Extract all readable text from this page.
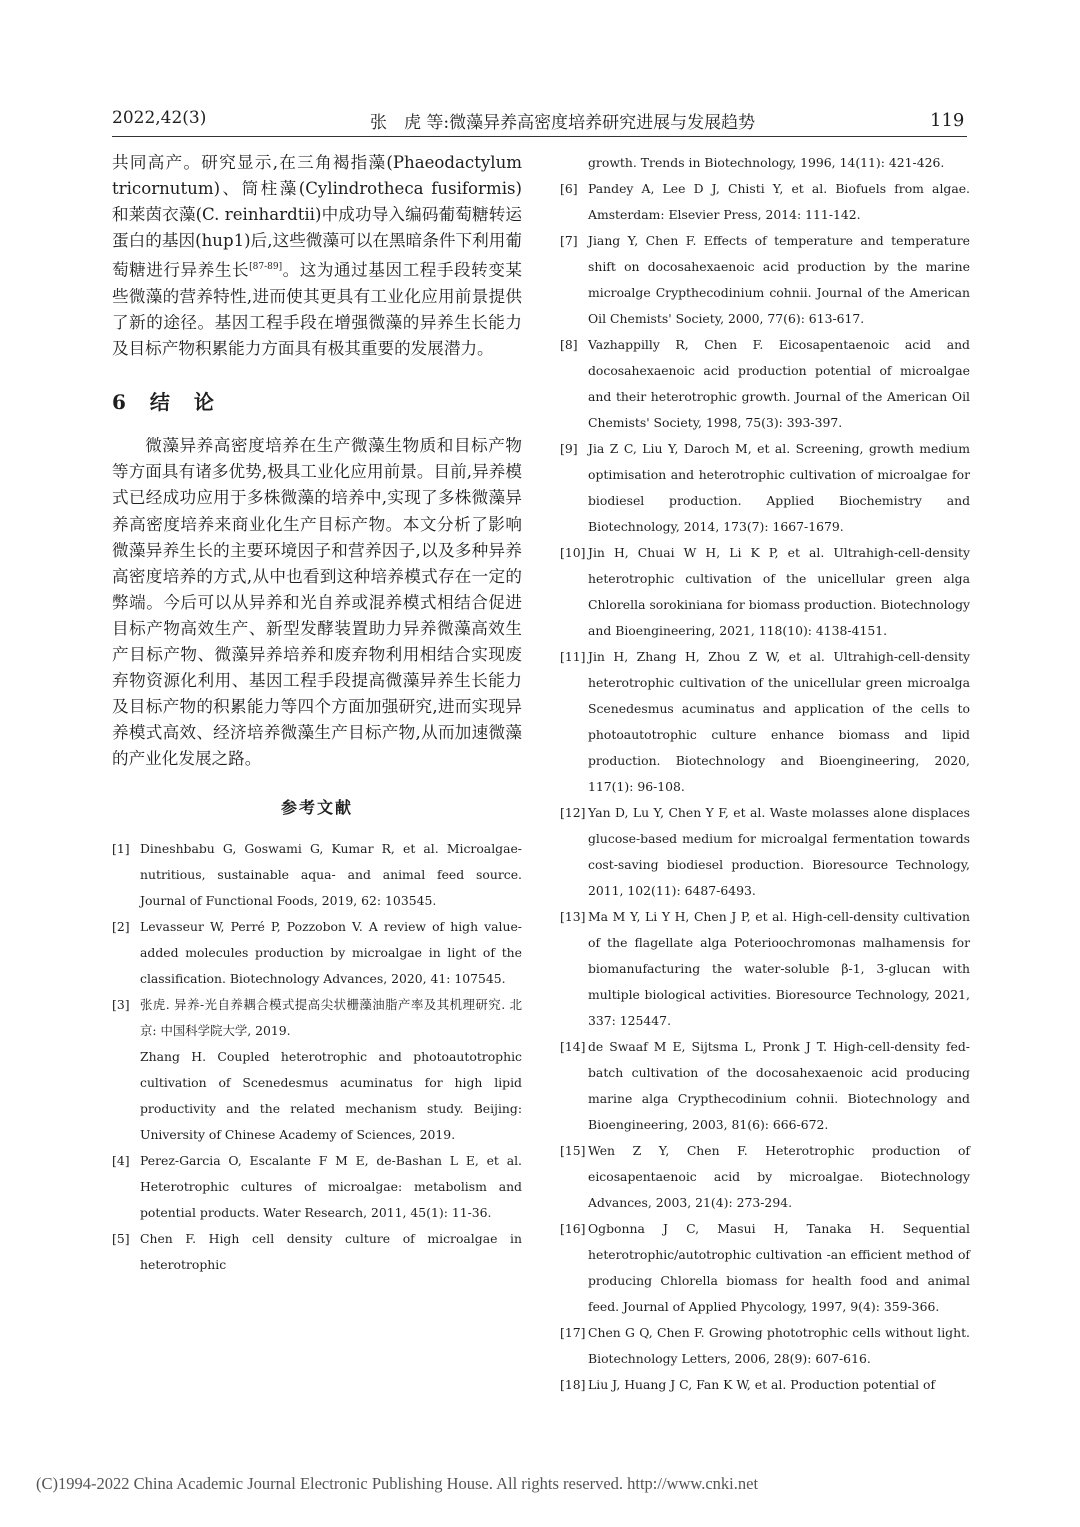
2022,42(3)	张　虎 等:微藻异养高密度培养研究进展与发展趋势	119

共同高产。研究显示,在三角褐指藻(Phaeodactylum tricornutum)、筒柱藻(Cylindrotheca fusiformis)和莱茵衣藻(C. reinhardtii)中成功导入编码葡萄糖转运蛋白的基因(hup1)后,这些微藻可以在黑暗条件下利用葡萄糖进行异养生长[87-89]。这为通过基因工程手段转变某些微藻的营养特性,进而使其更具有工业化应用前景提供了新的途径。基因工程手段在增强微藻的异养生长能力及目标产物积累能力方面具有极其重要的发展潜力。

6　结　论

微藻异养高密度培养在生产微藻生物质和目标产物等方面具有诸多优势,极具工业化应用前景。目前,异养模式已经成功应用于多株微藻的培养中,实现了多株微藻异养高密度培养来商业化生产目标产物。本文分析了影响微藻异养生长的主要环境因子和营养因子,以及多种异养高密度培养的方式,从中也看到这种培养模式存在一定的弊端。今后可以从异养和光自养或混养模式相结合促进目标产物高效生产、新型发酵装置助力异养微藻高效生产目标产物、微藻异养培养和废弃物利用相结合实现废弃物资源化利用、基因工程手段提高微藻异养生长能力及目标产物的积累能力等四个方面加强研究,进而实现异养模式高效、经济培养微藻生产目标产物,从而加速微藻的产业化发展之路。

参考文献

[1] Dineshbabu G, Goswami G, Kumar R, et al. Microalgae-nutritious, sustainable aqua- and animal feed source. Journal of Functional Foods, 2019, 62: 103545.

[2] Levasseur W, Perré P, Pozzobon V. A review of high value-added molecules production by microalgae in light of the classification. Biotechnology Advances, 2020, 41: 107545.

[3] 张虎. 异养-光自养耦合模式提高尖状栅藻油脂产率及其机理研究. 北京: 中国科学院大学, 2019.

Zhang H. Coupled heterotrophic and photoautotrophic cultivation of Scenedesmus acuminatus for high lipid productivity and the related mechanism study. Beijing: University of Chinese Academy of Sciences, 2019.

[4] Perez-Garcia O, Escalante F M E, de-Bashan L E, et al. Heterotrophic cultures of microalgae: metabolism and potential products. Water Research, 2011, 45(1): 11-36.

[5] Chen F. High cell density culture of microalgae in heterotrophic

growth. Trends in Biotechnology, 1996, 14(11): 421-426.

[6] Pandey A, Lee D J, Chisti Y, et al. Biofuels from algae. Amsterdam: Elsevier Press, 2014: 111-142.

[7] Jiang Y, Chen F. Effects of temperature and temperature shift on docosahexaenoic acid production by the marine microalge Crypthecodinium cohnii. Journal of the American Oil Chemists' Society, 2000, 77(6): 613-617.

[8] Vazhappilly R, Chen F. Eicosapentaenoic acid and docosahexaenoic acid production potential of microalgae and their heterotrophic growth. Journal of the American Oil Chemists' Society, 1998, 75(3): 393-397.

[9] Jia Z C, Liu Y, Daroch M, et al. Screening, growth medium optimisation and heterotrophic cultivation of microalgae for biodiesel production. Applied Biochemistry and Biotechnology, 2014, 173(7): 1667-1679.

[10] Jin H, Chuai W H, Li K P, et al. Ultrahigh-cell-density heterotrophic cultivation of the unicellular green alga Chlorella sorokiniana for biomass production. Biotechnology and Bioengineering, 2021, 118(10): 4138-4151.

[11] Jin H, Zhang H, Zhou Z W, et al. Ultrahigh-cell-density heterotrophic cultivation of the unicellular green microalga Scenedesmus acuminatus and application of the cells to photoautotrophic culture enhance biomass and lipid production. Biotechnology and Bioengineering, 2020, 117(1): 96-108.

[12] Yan D, Lu Y, Chen Y F, et al. Waste molasses alone displaces glucose-based medium for microalgal fermentation towards cost-saving biodiesel production. Bioresource Technology, 2011, 102(11): 6487-6493.

[13] Ma M Y, Li Y H, Chen J P, et al. High-cell-density cultivation of the flagellate alga Poterioochromonas malhamensis for biomanufacturing the water-soluble β-1, 3-glucan with multiple biological activities. Bioresource Technology, 2021, 337: 125447.

[14] de Swaaf M E, Sijtsma L, Pronk J T. High-cell-density fed-batch cultivation of the docosahexaenoic acid producing marine alga Crypthecodinium cohnii. Biotechnology and Bioengineering, 2003, 81(6): 666-672.

[15] Wen Z Y, Chen F. Heterotrophic production of eicosapentaenoic acid by microalgae. Biotechnology Advances, 2003, 21(4): 273-294.

[16] Ogbonna J C, Masui H, Tanaka H. Sequential heterotrophic/autotrophic cultivation -an efficient method of producing Chlorella biomass for health food and animal feed. Journal of Applied Phycology, 1997, 9(4): 359-366.

[17] Chen G Q, Chen F. Growing phototrophic cells without light. Biotechnology Letters, 2006, 28(9): 607-616.

[18] Liu J, Huang J C, Fan K W, et al. Production potential of

(C)1994-2022 China Academic Journal Electronic Publishing House. All rights reserved. http://www.cnki.net
